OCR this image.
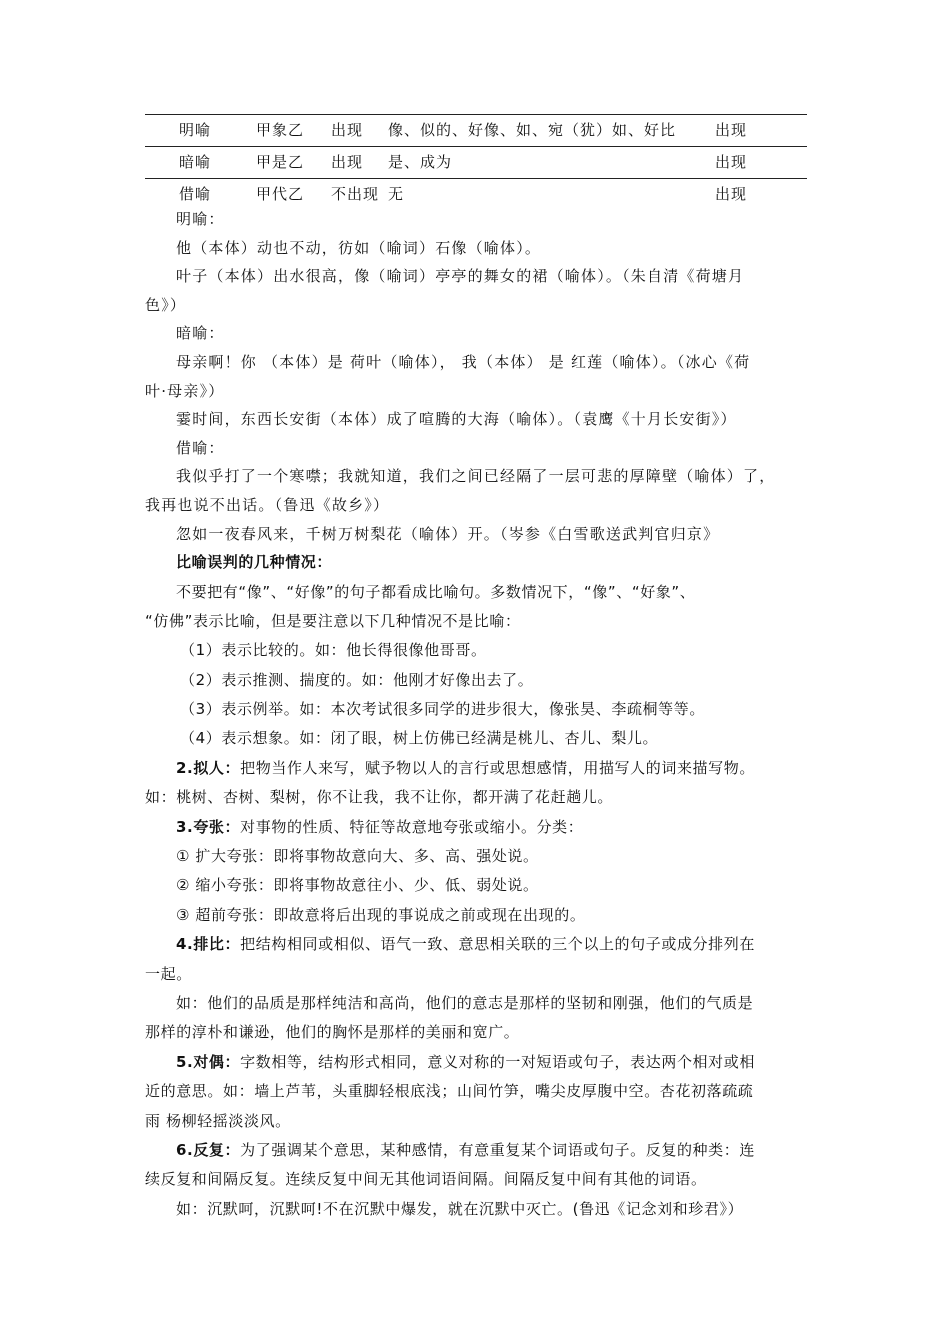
明喻	甲象乙 出现 像、似的、好像、如、宛（犹）如、好比	出现
暗喻	甲是乙 出现 是、成为	出现
借喻	甲代乙 不出现 无	出现
明喻：
他（本体）动也不动，彷如（喻词）石像（喻体）。
叶子（本体）出水很高，像（喻词）亭亭的舞女的裙（喻体）。（朱自清《荷塘月
色》）
暗喻：
母亲啊！你 （本体）是 荷叶（喻体）， 我（本体） 是 红莲（喻体）。（冰心《荷
叶·母亲》）
霎时间，东西长安街（本体）成了喧腾的大海（喻体）。（袁鹰《十月长安街》）
借喻：
我似乎打了一个寒噤；我就知道，我们之间已经隔了一层可悲的厚障壁（喻体）了，
我再也说不出话。（鲁迅《故乡》）
忽如一夜春风来，千树万树梨花（喻体）开。（岑参《白雪歌送武判官归京》
比喻误判的几种情况：
不要把有“像”、“好像”的句子都看成比喻句。多数情况下，“像”、“好象”、
“仿佛”表示比喻，但是要注意以下几种情况不是比喻：
（1）表示比较的。如：他长得很像他哥哥。
（2）表示推测、揣度的。如：他刚才好像出去了。
（3）表示例举。如：本次考试很多同学的进步很大，像张昊、李疏桐等等。
（4）表示想象。如：闭了眼，树上仿佛已经满是桃儿、杏儿、梨儿。
2.拟人：把物当作人来写，赋予物以人的言行或思想感情，用描写人的词来描写物。
如：桃树、杏树、梨树，你不让我，我不让你，都开满了花赶趟儿。
3.夸张：对事物的性质、特征等故意地夸张或缩小。分类：
① 扩大夸张：即将事物故意向大、多、高、强处说。
② 缩小夸张：即将事物故意往小、少、低、弱处说。
③ 超前夸张：即故意将后出现的事说成之前或现在出现的。
4.排比：把结构相同或相似、语气一致、意思相关联的三个以上的句子或成分排列在
一起。
如：他们的品质是那样纯洁和高尚，他们的意志是那样的坚韧和刚强，他们的气质是
那样的淳朴和谦逊，他们的胸怀是那样的美丽和宽广。
5.对偶：字数相等，结构形式相同，意义对称的一对短语或句子，表达两个相对或相
近的意思。如：墙上芦苇，头重脚轻根底浅；山间竹笋，嘴尖皮厚腹中空。杏花初落疏疏
雨 杨柳轻摇淡淡风。
6.反复：为了强调某个意思，某种感情，有意重复某个词语或句子。反复的种类：连
续反复和间隔反复。连续反复中间无其他词语间隔。间隔反复中间有其他的词语。
如：沉默呵，沉默呵!不在沉默中爆发，就在沉默中灭亡。(鲁迅《记念刘和珍君》）
